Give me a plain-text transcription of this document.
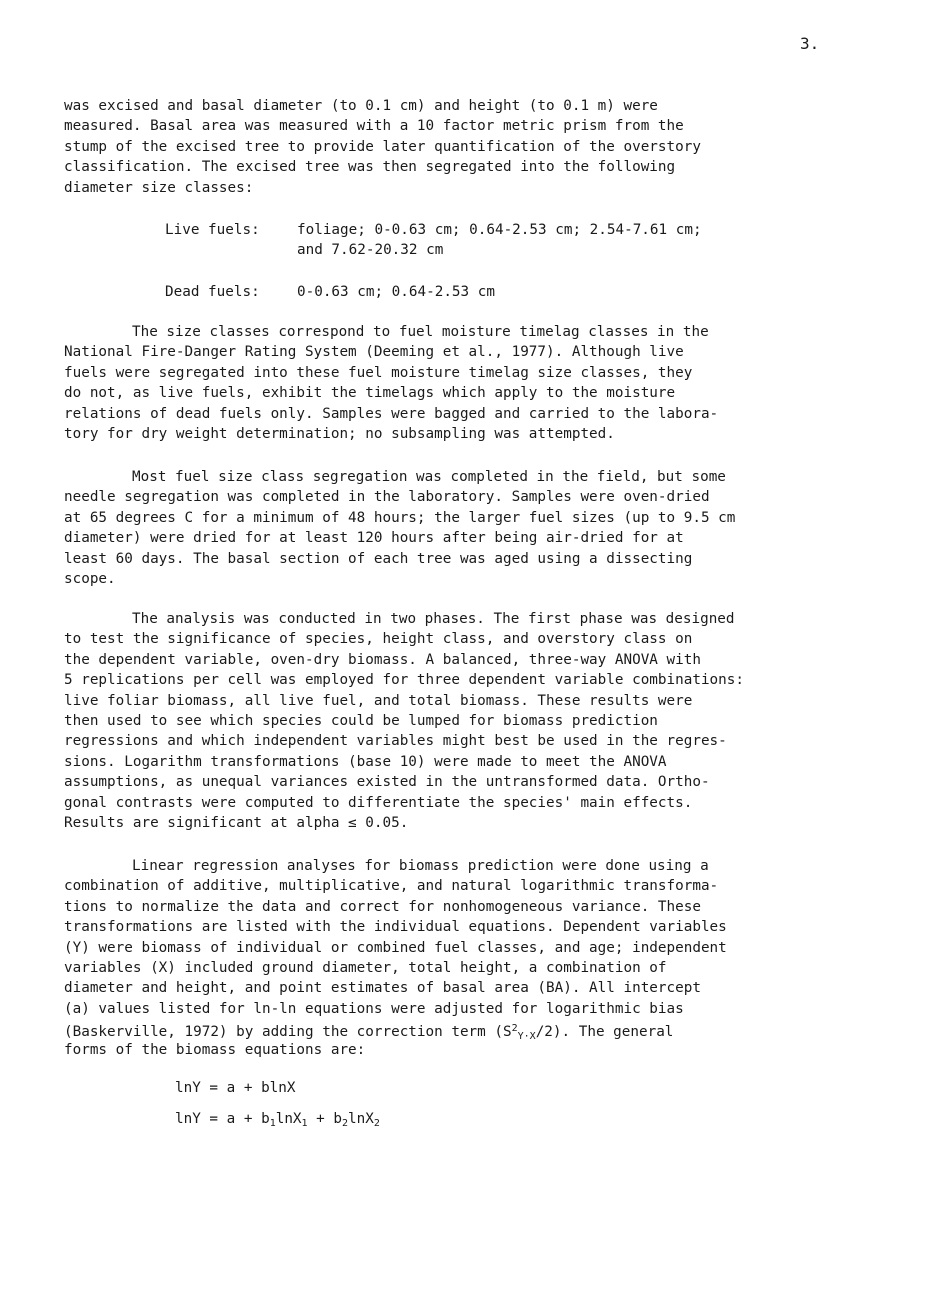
3.
was excised and basal diameter (to 0.1 cm) and height (to 0.1 m) were
measured. Basal area was measured with a 10 factor metric prism from the
stump of the excised tree to provide later quantification of the overstory
classification. The excised tree was then segregated into the following
diameter size classes:
Live fuels:	foliage; 0-0.63 cm; 0.64-2.53 cm; 2.54-7.61 cm;
and 7.62-20.32 cm
Dead fuels:	0-0.63 cm; 0.64-2.53 cm
The size classes correspond to fuel moisture timelag classes in the
National Fire-Danger Rating System (Deeming et al., 1977). Although live
fuels were segregated into these fuel moisture timelag size classes, they
do not, as live fuels, exhibit the timelags which apply to the moisture
relations of dead fuels only. Samples were bagged and carried to the labora-
tory for dry weight determination; no subsampling was attempted.
Most fuel size class segregation was completed in the field, but some
needle segregation was completed in the laboratory. Samples were oven-dried
at 65 degrees C for a minimum of 48 hours; the larger fuel sizes (up to 9.5 cm
diameter) were dried for at least 120 hours after being air-dried for at
least 60 days. The basal section of each tree was aged using a dissecting
scope.
The analysis was conducted in two phases. The first phase was designed
to test the significance of species, height class, and overstory class on
the dependent variable, oven-dry biomass. A balanced, three-way ANOVA with
5 replications per cell was employed for three dependent variable combinations:
live foliar biomass, all live fuel, and total biomass. These results were
then used to see which species could be lumped for biomass prediction
regressions and which independent variables might best be used in the regres-
sions. Logarithm transformations (base 10) were made to meet the ANOVA
assumptions, as unequal variances existed in the untransformed data. Ortho-
gonal contrasts were computed to differentiate the species' main effects.
Results are significant at alpha ≤ 0.05.
Linear regression analyses for biomass prediction were done using a
combination of additive, multiplicative, and natural logarithmic transforma-
tions to normalize the data and correct for nonhomogeneous variance. These
transformations are listed with the individual equations. Dependent variables
(Y) were biomass of individual or combined fuel classes, and age; independent
variables (X) included ground diameter, total height, a combination of
diameter and height, and point estimates of basal area (BA). All intercept
(a) values listed for ln-ln equations were adjusted for logarithmic bias
(Baskerville, 1972) by adding the correction term $(S^2_{Y\cdot X}/2)$. The general
forms of the biomass equations are:
lnY = a + blnX
$\ln Y = a + b_1\ln X_1 + b_2\ln X_2$
